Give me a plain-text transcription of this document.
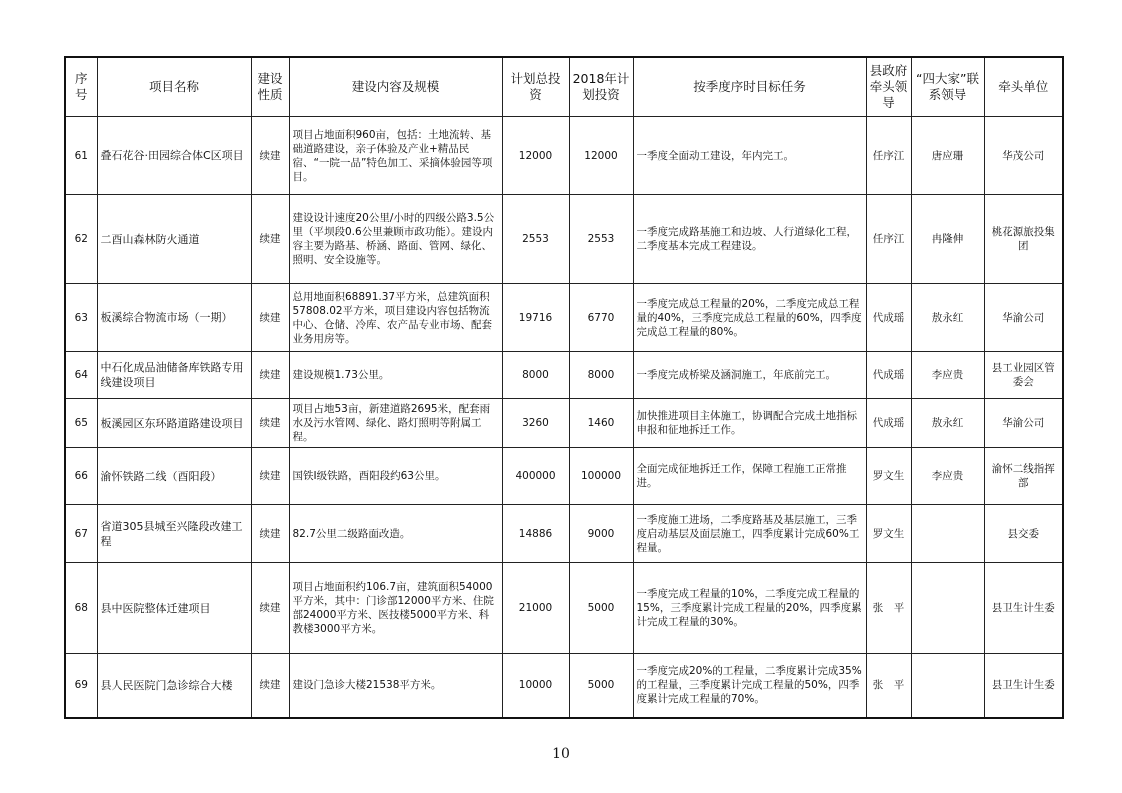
序号	项目名称	建设性质	建设内容及规模	计划总投资	2018年计划投资	按季度序时目标任务	县政府牵头领导	“四大家”联系领导	牵头单位
61	叠石花谷·田园综合体C区项目	续建	项目占地面积960亩，包括：土地流转、基础道路建设，亲子体验及产业+精品民宿、“一院一品”特色加工、采摘体验园等项目。	12000	12000	一季度全面动工建设，年内完工。	任序江	唐应珊	华茂公司
62	二酉山森林防火通道	续建	建设设计速度20公里/小时的四级公路3.5公里（平坝段0.6公里兼顾市政功能）。建设内容主要为路基、桥涵、路面、管网、绿化、照明、安全设施等。	2553	2553	一季度完成路基施工和边坡、人行道绿化工程，二季度基本完成工程建设。	任序江	冉隆伸	桃花源旅投集团
63	板溪综合物流市场（一期）	续建	总用地面积68891.37平方米，总建筑面积57808.02平方米，项目建设内容包括物流中心、仓储、冷库、农产品专业市场、配套业务用房等。	19716	6770	一季度完成总工程量的20%，二季度完成总工程量的40%，三季度完成总工程量的60%，四季度完成总工程量的80%。	代成瑶	敖永红	华渝公司
64	中石化成品油储备库铁路专用线建设项目	续建	建设规模1.73公里。	8000	8000	一季度完成桥梁及涵洞施工，年底前完工。	代成瑶	李应贵	县工业园区管委会
65	板溪园区东环路道路建设项目	续建	项目占地53亩，新建道路2695米，配套雨水及污水管网、绿化、路灯照明等附属工程。	3260	1460	加快推进项目主体施工，协调配合完成土地指标申报和征地拆迁工作。	代成瑶	敖永红	华渝公司
66	渝怀铁路二线（酉阳段）	续建	国铁Ⅰ级铁路，酉阳段约63公里。	400000	100000	全面完成征地拆迁工作，保障工程施工正常推进。	罗文生	李应贵	渝怀二线指挥部
67	省道305县城至兴隆段改建工程	续建	82.7公里二级路面改造。	14886	9000	一季度施工进场，二季度路基及基层施工，三季度启动基层及面层施工，四季度累计完成60%工程量。	罗文生		县交委
68	县中医院整体迁建项目	续建	项目占地面积约106.7亩，建筑面积54000平方米，其中：门诊部12000平方米、住院部24000平方米、医技楼5000平方米、科教楼3000平方米。	21000	5000	一季度完成工程量的10%，二季度完成工程量的15%，三季度累计完成工程量的20%，四季度累计完成工程量的30%。	张　平		县卫生计生委
69	县人民医院门急诊综合大楼	续建	建设门急诊大楼21538平方米。	10000	5000	一季度完成20%的工程量，二季度累计完成35%的工程量，三季度累计完成工程量的50%，四季度累计完成工程量的70%。	张　平		县卫生计生委
10
